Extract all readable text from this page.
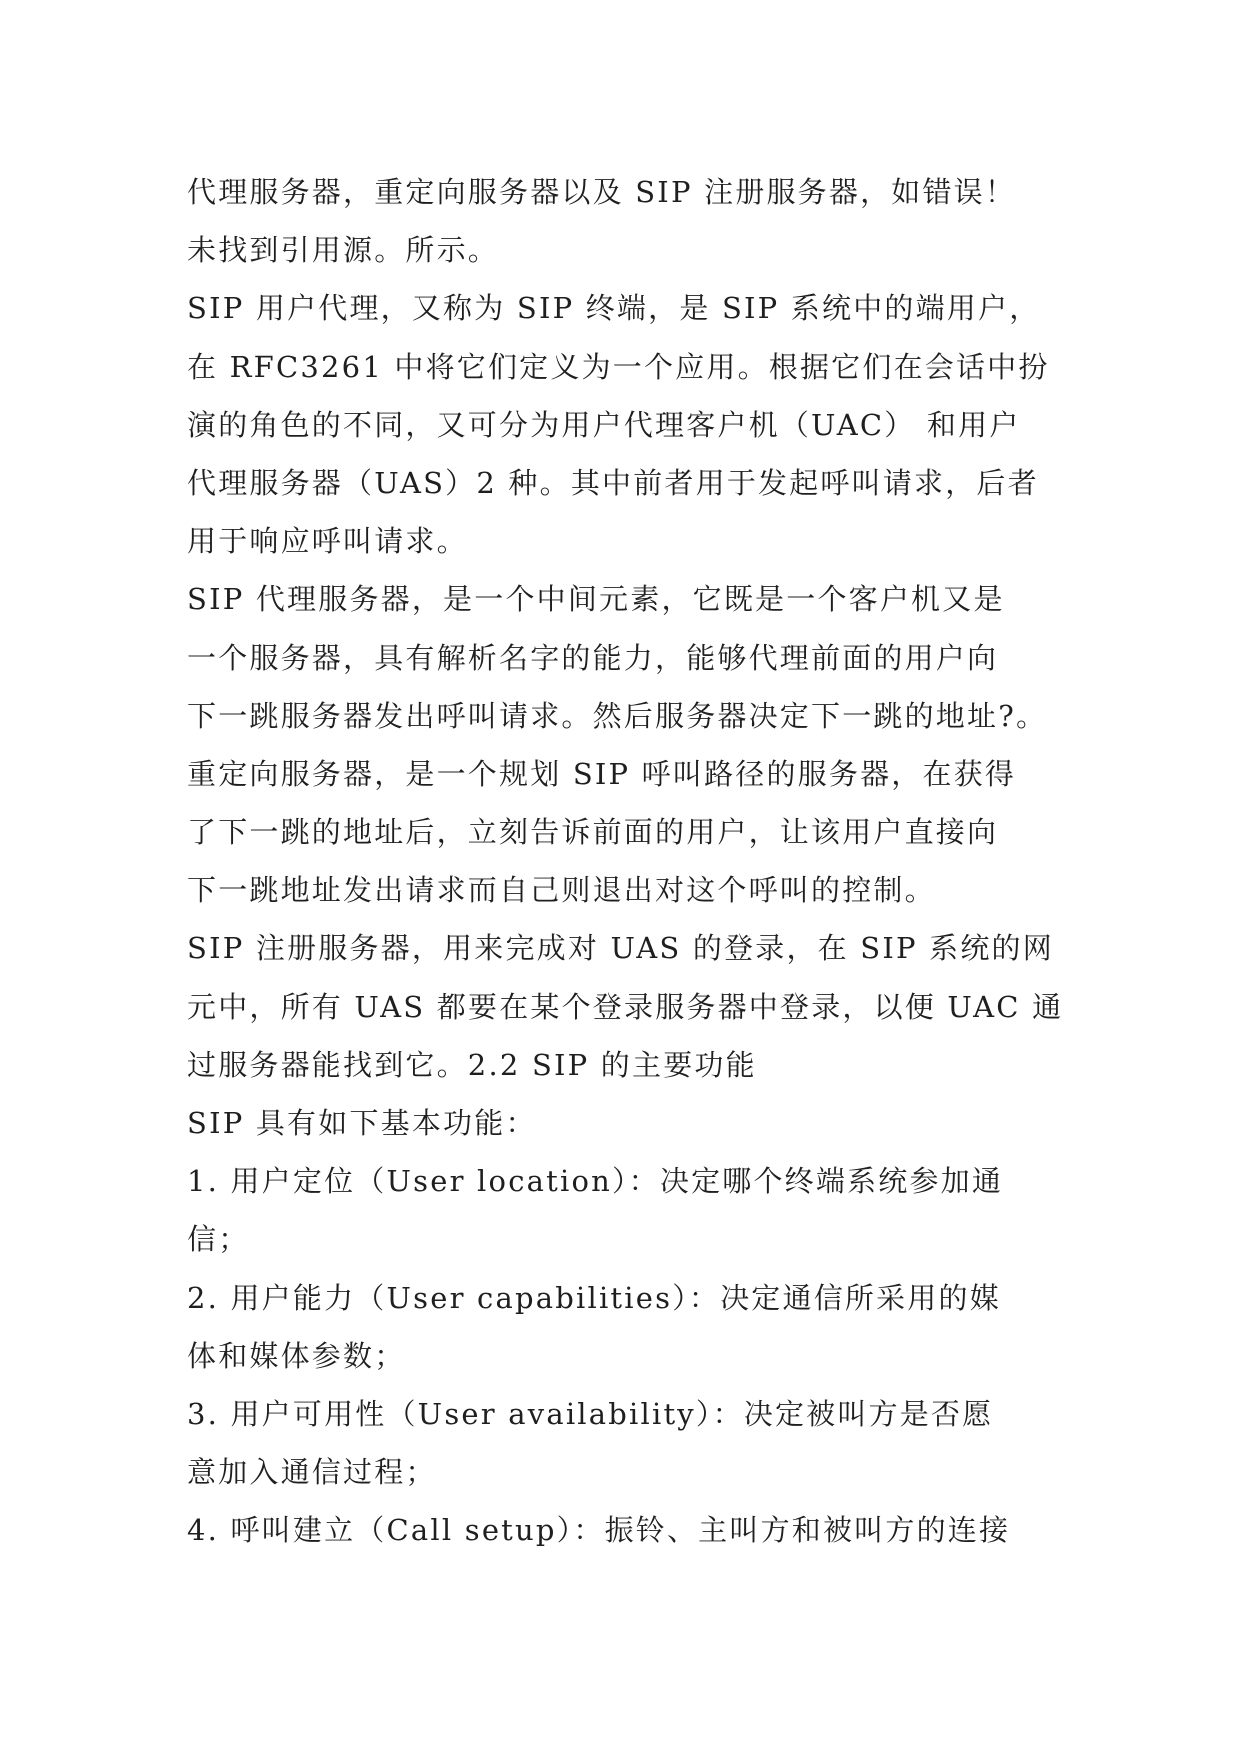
代理服务器，重定向服务器以及 SIP 注册服务器，如错误！
未找到引用源。所示。
SIP 用户代理，又称为 SIP 终端，是 SIP 系统中的端用户，
在 RFC3261 中将它们定义为一个应用。根据它们在会话中扮
演的角色的不同，又可分为用户代理客户机（UAC） 和用户
代理服务器（UAS）2 种。其中前者用于发起呼叫请求，后者
用于响应呼叫请求。
SIP 代理服务器，是一个中间元素，它既是一个客户机又是
一个服务器，具有解析名字的能力，能够代理前面的用户向
下一跳服务器发出呼叫请求。然后服务器决定下一跳的地址?。
重定向服务器，是一个规划 SIP 呼叫路径的服务器，在获得
了下一跳的地址后，立刻告诉前面的用户，让该用户直接向
下一跳地址发出请求而自己则退出对这个呼叫的控制。
SIP 注册服务器，用来完成对 UAS 的登录，在 SIP 系统的网
元中，所有 UAS 都要在某个登录服务器中登录，以便 UAC 通
过服务器能找到它。2.2 SIP 的主要功能
SIP 具有如下基本功能：
1. 用户定位（User location）：决定哪个终端系统参加通
信；
2. 用户能力（User capabilities）：决定通信所采用的媒
体和媒体参数；
3. 用户可用性（User availability）：决定被叫方是否愿
意加入通信过程；
4. 呼叫建立（Call setup）：振铃、主叫方和被叫方的连接
